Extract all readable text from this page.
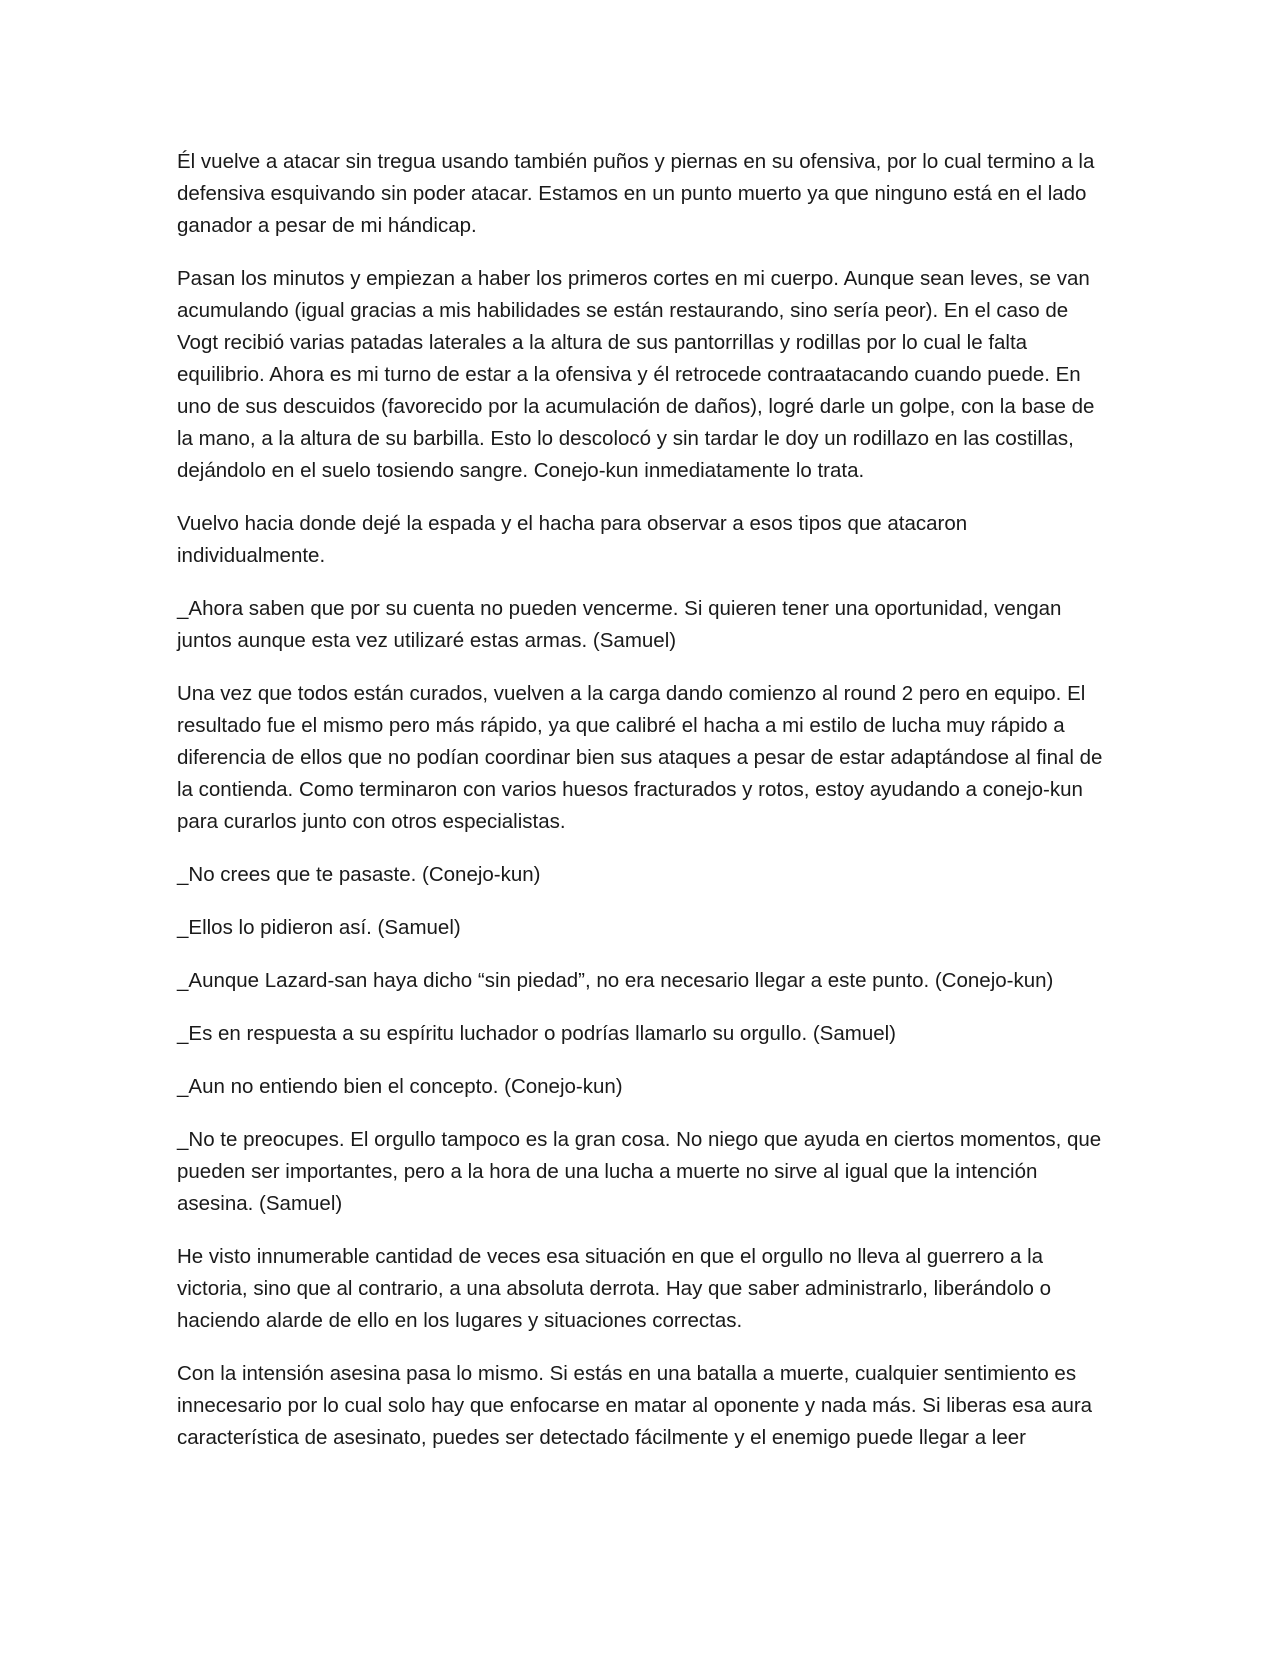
Él vuelve a atacar sin tregua usando también puños y piernas en su ofensiva, por lo cual termino a la defensiva esquivando sin poder atacar. Estamos en un punto muerto ya que ninguno está en el lado ganador a pesar de mi hándicap.

Pasan los minutos y empiezan a haber los primeros cortes en mi cuerpo. Aunque sean leves, se van acumulando (igual gracias a mis habilidades se están restaurando, sino sería peor). En el caso de Vogt recibió varias patadas laterales a la altura de sus pantorrillas y rodillas por lo cual le falta equilibrio. Ahora es mi turno de estar a la ofensiva y él retrocede contraatacando cuando puede. En uno de sus descuidos (favorecido por la acumulación de daños), logré darle un golpe, con la base de la mano, a la altura de su barbilla. Esto lo descolocó y sin tardar le doy un rodillazo en las costillas, dejándolo en el suelo tosiendo sangre. Conejo-kun inmediatamente lo trata.

Vuelvo hacia donde dejé la espada y el hacha para observar a esos tipos que atacaron individualmente.

_Ahora saben que por su cuenta no pueden vencerme. Si quieren tener una oportunidad, vengan juntos aunque esta vez utilizaré estas armas. (Samuel)

Una vez que todos están curados, vuelven a la carga dando comienzo al round 2 pero en equipo. El resultado fue el mismo pero más rápido, ya que calibré el hacha a mi estilo de lucha muy rápido a diferencia de ellos que no podían coordinar bien sus ataques a pesar de estar adaptándose al final de la contienda. Como terminaron con varios huesos fracturados y rotos, estoy ayudando a conejo-kun para curarlos junto con otros especialistas.

_No crees que te pasaste. (Conejo-kun)

_Ellos lo pidieron así. (Samuel)

_Aunque Lazard-san haya dicho “sin piedad”, no era necesario llegar a este punto. (Conejo-kun)

_Es en respuesta a su espíritu luchador o podrías llamarlo su orgullo. (Samuel)

_Aun no entiendo bien el concepto. (Conejo-kun)

_No te preocupes. El orgullo tampoco es la gran cosa. No niego que ayuda en ciertos momentos, que pueden ser importantes, pero a la hora de una lucha a muerte no sirve al igual que la intención asesina. (Samuel)

He visto innumerable cantidad de veces esa situación en que el orgullo no lleva al guerrero a la victoria, sino que al contrario, a una absoluta derrota. Hay que saber administrarlo, liberándolo o haciendo alarde de ello en los lugares y situaciones correctas.

Con la intensión asesina pasa lo mismo. Si estás en una batalla a muerte, cualquier sentimiento es innecesario por lo cual solo hay que enfocarse en matar al oponente y nada más. Si liberas esa aura característica de asesinato, puedes ser detectado fácilmente y el enemigo puede llegar a leer
